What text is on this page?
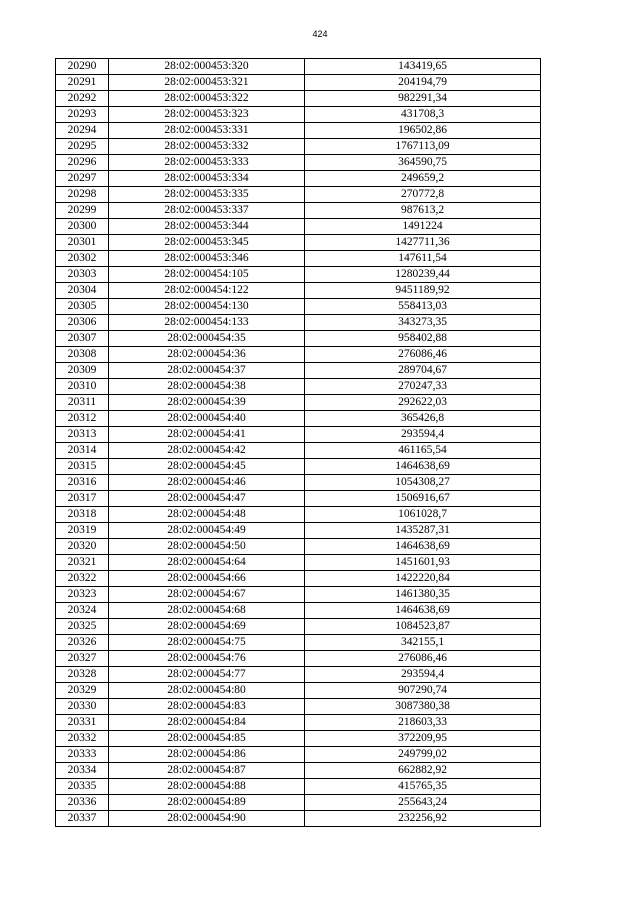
424
20290	28:02:000453:320	143419,65
20291	28:02:000453:321	204194,79
20292	28:02:000453:322	982291,34
20293	28:02:000453:323	431708,3
20294	28:02:000453:331	196502,86
20295	28:02:000453:332	1767113,09
20296	28:02:000453:333	364590,75
20297	28:02:000453:334	249659,2
20298	28:02:000453:335	270772,8
20299	28:02:000453:337	987613,2
20300	28:02:000453:344	1491224
20301	28:02:000453:345	1427711,36
20302	28:02:000453:346	147611,54
20303	28:02:000454:105	1280239,44
20304	28:02:000454:122	9451189,92
20305	28:02:000454:130	558413,03
20306	28:02:000454:133	343273,35
20307	28:02:000454:35	958402,88
20308	28:02:000454:36	276086,46
20309	28:02:000454:37	289704,67
20310	28:02:000454:38	270247,33
20311	28:02:000454:39	292622,03
20312	28:02:000454:40	365426,8
20313	28:02:000454:41	293594,4
20314	28:02:000454:42	461165,54
20315	28:02:000454:45	1464638,69
20316	28:02:000454:46	1054308,27
20317	28:02:000454:47	1506916,67
20318	28:02:000454:48	1061028,7
20319	28:02:000454:49	1435287,31
20320	28:02:000454:50	1464638,69
20321	28:02:000454:64	1451601,93
20322	28:02:000454:66	1422220,84
20323	28:02:000454:67	1461380,35
20324	28:02:000454:68	1464638,69
20325	28:02:000454:69	1084523,87
20326	28:02:000454:75	342155,1
20327	28:02:000454:76	276086,46
20328	28:02:000454:77	293594,4
20329	28:02:000454:80	907290,74
20330	28:02:000454:83	3087380,38
20331	28:02:000454:84	218603,33
20332	28:02:000454:85	372209,95
20333	28:02:000454:86	249799,02
20334	28:02:000454:87	662882,92
20335	28:02:000454:88	415765,35
20336	28:02:000454:89	255643,24
20337	28:02:000454:90	232256,92
